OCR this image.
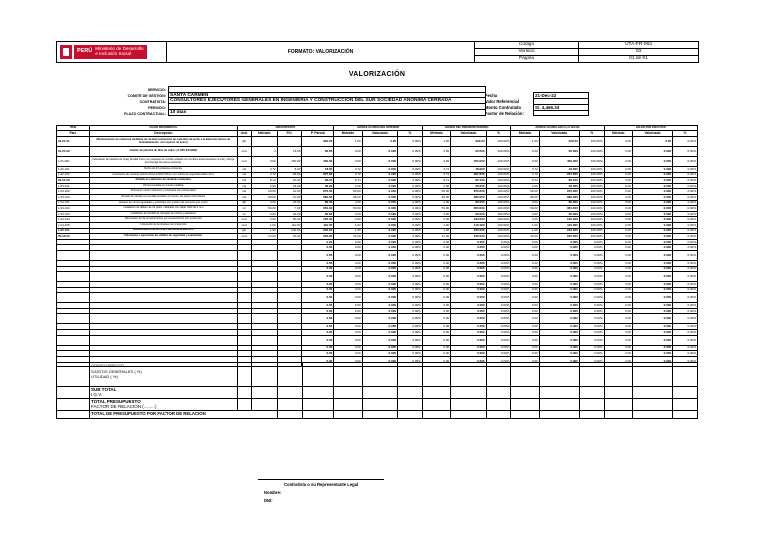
PERÚ Ministerio de Desarrollo
e Inclusión Social	FORMATO: VALORIZACIÓN	Código	UTA-FR-063
		Versión	03
		Página	01 de 01
VALORIZACIÓN
SERVICIO:
COMITÉ DE GESTIÓN: SANTA CARMEN
CONTRATISTA: CONSULTORES EJECUTORES GENERALES EN INGENIERIA Y CONSTRUCCION DEL SUR SOCIEDAD ANONIMA CERRADA
PERIODO:
PLAZO CONTRACTUAL: 10 días
Fecha	21-Dec-22
Valor Referencial
Monto Contratado	S/. 4,466.33
Factor de Relación:
ITEM	VALOR REFERENCIAL	PRESUPUESTO				AVANCE ACUMULADO ANTERIOR			AVANCE DEL PRESENTE PERIODO			AVANCE ACUMULADO A LA FECHA			SALDO POR EJECUTAR		
Part.	Descripción	Und.	Metrado	P.U.	P. Parcial	Metrado	Valorizado	%	Metrado	Valorizado	%	Metrado	Valorizado	%	Metrado	Valorizado	%
01.01.01	Mantenimiento de cobertura mediante de recubrir (extracción de cobertura de techo a la altura del mismo de inmediatamente, con espesor de acero)	glb			320.00	1.00	0.00	0.00%	1.00	320.00	100.00%	1.00	320.00	100.00%	0.00	0.00	0.00%
01.01.02	Cambio de plancha de fibra de vidrio (+1.00% EN SMO)	und	4	15.00	60.00	0.00	0.000	0.00%	4.00	60.000	100.00%	4.00	60.000	100.00%	0.00	0.000	0.00%
1.01.001	Colocación de plancha de Vujay familiar 10mm en parapeto de cerrillar soldado con tornillos autorroscantes (1 und), incluye desmontaje de piezas existente.	und	3.00	150.00	450.00	0.00	0.000	0.00%	3.00	450.000	100.00%	3.00	450.000	100.00%	0.00	0.000	0.00%
1.02.101	Retiro de 10 ventanas existentes	m2	3.72	5.00	18.60	3.72	0.000	0.00%	3.72	18.600	100.00%	3.72	18.600	100.00%	0.00	0.000	0.00%
1.02.102	Colocación de ventana sistema Nova 0.50x0.30mm con vidrios de seguridad doble 4mm	m2	3.72	80.00	297.60	3.72	0.000	0.00%	3.72	297.600	100.00%	3.72	297.600	100.00%	0.00	0.000	0.00%
02.01.02	Pintado en cielorraso de ventanas existentes	m2	8.14	10.00	82.10	8.14	0.000	0.00%	8.14	82.100	100.00%	8.14	82.100	100.00%	0.00	0.000	0.00%
1.03.101	Pintura esmalte en puerta metálica	m2	2.00	18.00	36.00	2.00	0.000	0.00%	2.00	36.000	100.00%	2.00	36.000	100.00%	0.00	0.000	0.00%
1.03.102	Pintura de muros interiores y exteriores con pintura látex	m2	60.00	10.00	870.00	60.00	0.000	0.00%	60.00	870.000	100.00%	60.00	870.000	100.00%	0.00	0.000	0.00%
1.03.103	Pintado de zócalo con esmalte sintético (2 manos, sin pelar) color blanco	m2	68.00	10.00	680.00	68.00	0.000	0.00%	68.00	680.000	100.00%	68.00	680.000	100.00%	0.00	0.000	0.00%
1.04.101	Resane de muros agrietados y enlucidos con mortero de cemento (por zona)	glb	4.00	20.00	80.00	4.00	0.000	0.00%	4.00	80.000	100.00%	4.00	80.000	100.00%	0.00	0.000	0.00%
1.04.102	Instalación de tablero de 12 polos, cableado con cable THW de 4 mm	ml	50.00	7.00	350.00	50.00	0.000	0.00%	50.00	350.000	100.00%	50.00	350.000	100.00%	0.00	0.000	0.00%
1.04.103	Instalación de tendido de desagüe de cocina y lavaderos	ml	3.00	20.00	60.00	3.00	0.000	0.00%	3.00	60.000	100.00%	3.00	60.000	100.00%	0.00	0.000	0.00%
1.04.104	Reemplazo de 02 tomacorrientes por tomacorriente con protección	und	2.00	60.00	120.00	2.00	0.000	0.00%	2.00	120.000	100.00%	2.00	120.000	100.00%	0.00	0.000	0.00%
1.04.105	Colocación de luminarias con protección	und	1.00	110.00	110.00	1.00	0.000	0.00%	1.00	110.000	100.00%	1.00	110.000	100.00%	0.00	0.000	0.00%
1.05.101	Mantenimiento de las redes del sistema eléctrico	glb	1.00	240.00	240.00	1.00	0.000	0.00%	1.00	240.000	100.00%	1.00	240.000	100.00%	0.00	0.000	0.00%
05.02.00	Colocación o reposición de señales de seguridad y evacuación.	und	12.00	20.00	240.00	12.00	0.000	0.00%	12.00	240.000	100.00%	12.00	240.000	100.00%	0.00	0.000	0.00%
					0.00	0.00	0.000	0.00%	0.00	0.000	0.00%	0.00	0.000	0.00%	0.00	0.000	0.00%
					0.00	0.00	0.000	0.00%	0.00	0.000	0.00%	0.00	0.000	0.00%	0.00	0.000	0.00%
					0.00	0.00	0.000	0.00%	0.00	0.000	0.00%	0.00	0.000	0.00%	0.00	0.000	0.00%
					0.00	0.00	0.000	0.00%	0.00	0.000	0.00%	0.00	0.000	0.00%	0.00	0.000	0.00%
					0.00	0.00	0.000	0.00%	0.00	0.000	0.00%	0.00	0.000	0.00%	0.00	0.000	0.00%
					0.00	0.00	0.000	0.00%	0.00	0.000	0.00%	0.00	0.000	0.00%	0.00	0.000	0.00%
					0.00	0.00	0.000	0.00%	0.00	0.000	0.00%	0.00	0.000	0.00%	0.00	0.000	0.00%
					0.00	0.00	0.000	0.00%	0.00	0.000	0.00%	0.00	0.000	0.00%	0.00	0.000	0.00%
					0.00	0.00	0.000	0.00%	0.00	0.000	0.00%	0.00	0.000	0.00%	0.00	0.000	0.00%
					0.00	0.00	0.000	0.00%	0.00	0.000	0.00%	0.00	0.000	0.00%	0.00	0.000	0.00%
					0.00	0.00	0.000	0.00%	0.00	0.000	0.00%	0.00	0.000	0.00%	0.00	0.000	0.00%
					0.00	0.00	0.000	0.00%	0.00	0.000	0.00%	0.00	0.000	0.00%	0.00	0.000	0.00%
					0.00	0.00	0.000	0.00%	0.00	0.000	0.00%	0.00	0.000	0.00%	0.00	0.000	0.00%
					0.00	0.00	0.000	0.00%	0.00	0.000	0.00%	0.00	0.000	0.00%	0.00	0.000	0.00%
					0.00	0.00	0.000	0.00%	0.00	0.000	0.00%	0.00	0.000	0.00%	0.00	0.000	0.00%
					0.00	0.00	0.000	0.00%	0.00	0.000	0.00%	0.00	0.000	0.00%	0.00	0.000	0.00%
					0.00	0.00	0.000	0.00%	0.00	0.000	0.00%	0.00	0.000	0.00%	0.00	0.000	0.00%
					0.00	0.00	0.000	0.00%	0.00	0.000	0.00%	0.00	0.000	0.00%	0.00	0.000	0.00%
	COSTO DIRECTO
GASTOS GENERALES ( %)
UTILIDAD ( %)																
	SUB TOTAL
I.G.V.																
	TOTAL PRESUPUESTO
FACTOR DE RELACION (.........)																
	TOTAL DE PRESUPUESTO POR FACTOR DE RELACION																
Contratista o su Representante Legal
Nombre:
DNI:
